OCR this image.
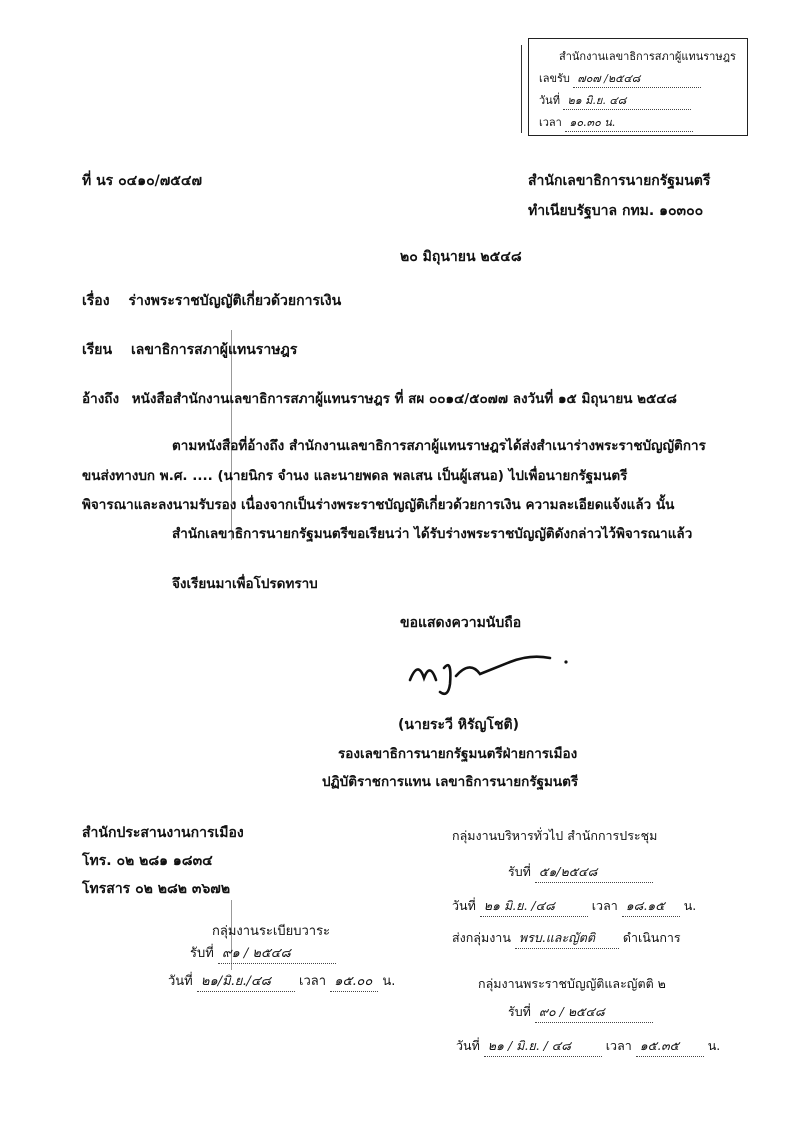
สำนักงานเลขาธิการสภาผู้แทนราษฎร
เลขรับ ๗๐๗ /๒๕๔๘
วันที่ ๒๑ มิ.ย. ๔๘
เวลา ๑๐.๓๐ น.
ที่ นร ๐๔๑๐/๗๕๔๗	สำนักเลขาธิการนายกรัฐมนตรี
ทำเนียบรัฐบาล กทม. ๑๐๓๐๐
๒๐ มิถุนายน ๒๕๔๘
เรื่อง ร่างพระราชบัญญัติเกี่ยวด้วยการเงิน
เรียน เลขาธิการสภาผู้แทนราษฎร
อ้างถึง หนังสือสำนักงานเลขาธิการสภาผู้แทนราษฎร ที่ สผ ๐๐๑๔/๕๐๗๗ ลงวันที่ ๑๕ มิถุนายน ๒๕๔๘
ตามหนังสือที่อ้างถึง สำนักงานเลขาธิการสภาผู้แทนราษฎรได้ส่งสำเนาร่างพระราชบัญญัติการ
ขนส่งทางบก พ.ศ. .... (นายนิกร จำนง และนายพดล พลเสน เป็นผู้เสนอ) ไปเพื่อนายกรัฐมนตรี
พิจารณาและลงนามรับรอง เนื่องจากเป็นร่างพระราชบัญญัติเกี่ยวด้วยการเงิน ความละเอียดแจ้งแล้ว นั้น
สำนักเลขาธิการนายกรัฐมนตรีขอเรียนว่า ได้รับร่างพระราชบัญญัติดังกล่าวไว้พิจารณาแล้ว
จึงเรียนมาเพื่อโปรดทราบ
ขอแสดงความนับถือ
(นายระวี หิรัญโชติ)
รองเลขาธิการนายกรัฐมนตรีฝ่ายการเมือง
ปฏิบัติราชการแทน เลขาธิการนายกรัฐมนตรี
สำนักประสานงานการเมือง
โทร. ๐๒ ๒๘๑ ๑๘๓๔
โทรสาร ๐๒ ๒๘๒ ๓๖๗๒
กลุ่มงานระเบียบวาระ
รับที่ ๙๑ / ๒๕๔๘
วันที่ ๒๑/มิ.ย./๔๘ เวลา ๑๕.๐๐ น.
กลุ่มงานบริหารทั่วไป สำนักการประชุม
รับที่ ๕๑/๒๕๔๘
วันที่ ๒๑ มิ.ย. /๔๘	เวลา ๑๘.๑๕ น.
ส่งกลุ่มงาน พรบ.และญัตติ ดำเนินการ
กลุ่มงานพระราชบัญญัติและญัตติ ๒
รับที่ ๙๐ / ๒๕๔๘
วันที่ ๒๑ / มิ.ย. / ๔๘	เวลา ๑๕.๓๕ น.
